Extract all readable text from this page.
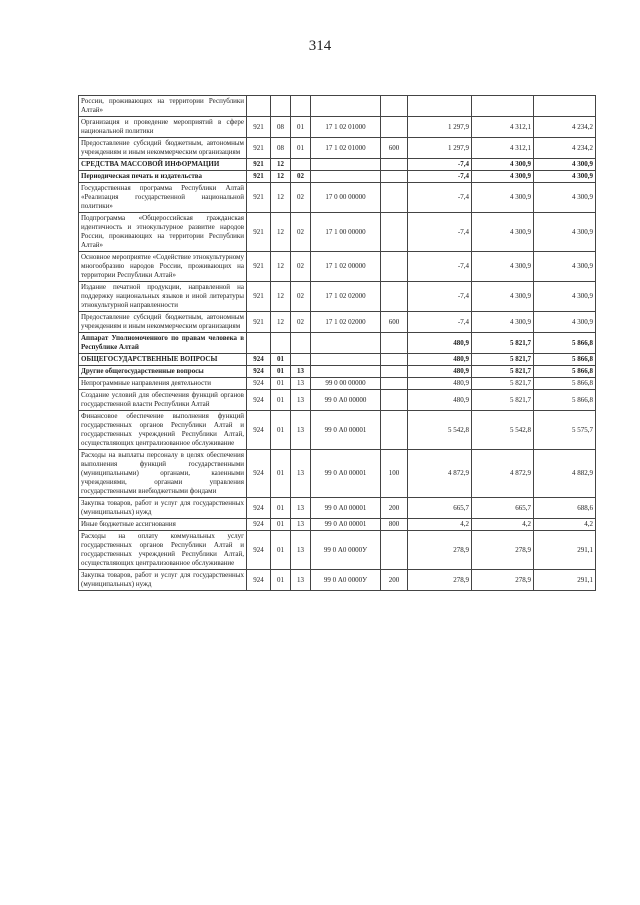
314
России, проживающих на территории Республики Алтай»								
Организация и проведение мероприятий в сфере национальной политики	921	08	01	17 1 02 01000		1 297,9	4 312,1	4 234,2
Предоставление субсидий бюджетным, автономным учреждениям и иным некоммерческим организациям	921	08	01	17 1 02 01000	600	1 297,9	4 312,1	4 234,2
СРЕДСТВА МАССОВОЙ ИНФОРМАЦИИ	921	12				-7,4	4 300,9	4 300,9
Периодическая печать и издательства	921	12	02			-7,4	4 300,9	4 300,9
Государственная программа Республики Алтай «Реализация государственной национальной политики»	921	12	02	17 0 00 00000		-7,4	4 300,9	4 300,9
Подпрограмма «Общероссийская гражданская идентичность и этнокультурное развитие народов России, проживающих на территории Республики Алтай»	921	12	02	17 1 00 00000		-7,4	4 300,9	4 300,9
Основное мероприятие «Содействие этнокультурному многообразию народов России, проживающих на территории Республики Алтай»	921	12	02	17 1 02 00000		-7,4	4 300,9	4 300,9
Издание печатной продукции, направленной на поддержку национальных языков и иной литературы этнокультурной направленности	921	12	02	17 1 02 02000		-7,4	4 300,9	4 300,9
Предоставление субсидий бюджетным, автономным учреждениям и иным некоммерческим организациям	921	12	02	17 1 02 02000	600	-7,4	4 300,9	4 300,9
Аппарат Уполномоченного по правам человека в Республике Алтай						480,9	5 821,7	5 866,8
ОБЩЕГОСУДАРСТВЕННЫЕ ВОПРОСЫ	924	01				480,9	5 821,7	5 866,8
Другие общегосударственные вопросы	924	01	13			480,9	5 821,7	5 866,8
Непрограммные направления деятельности	924	01	13	99 0 00 00000		480,9	5 821,7	5 866,8
Создание условий для обеспечения функций органов государственной власти Республики Алтай	924	01	13	99 0 А0 00000		480,9	5 821,7	5 866,8
Финансовое обеспечение выполнения функций государственных органов Республики Алтай и государственных учреждений Республики Алтай, осуществляющих централизованное обслуживание	924	01	13	99 0 А0 00001		5 542,8	5 542,8	5 575,7
Расходы на выплаты персоналу в целях обеспечения выполнения функций государственными (муниципальными) органами, казенными учреждениями, органами управления государственными внебюджетными фондами	924	01	13	99 0 А0 00001	100	4 872,9	4 872,9	4 882,9
Закупка товаров, работ и услуг для государственных (муниципальных) нужд	924	01	13	99 0 А0 00001	200	665,7	665,7	688,6
Иные бюджетные ассигнования	924	01	13	99 0 А0 00001	800	4,2	4,2	4,2
Расходы на оплату коммунальных услуг государственных органов Республики Алтай и государственных учреждений Республики Алтай, осуществляющих централизованное обслуживание	924	01	13	99 0 А0 0000У		278,9	278,9	291,1
Закупка товаров, работ и услуг для государственных (муниципальных) нужд	924	01	13	99 0 А0 0000У	200	278,9	278,9	291,1
